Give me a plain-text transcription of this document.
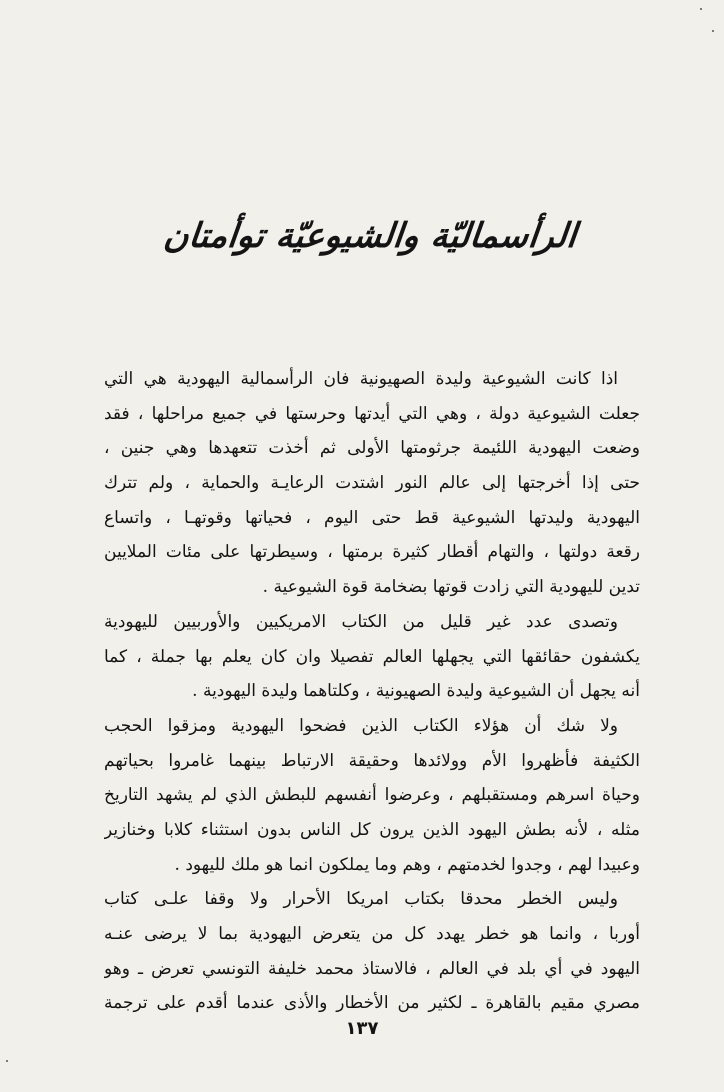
الرأسماليّة والشيوعيّة توأمتان
اذا كانت الشيوعية وليدة الصهيونية فان الرأسمالية اليهودية هي التي
جعلت الشيوعية دولة ، وهي التي أيدتها وحرستها في جميع مراحلها ، فقد
وضعت اليهودية اللئيمة جرثومتها الأولى ثم أخذت تتعهدها وهي جنين ،
حتى إذا أخرجتها إلى عالم النور اشتدت الرعايـة والحماية ، ولم تترك
اليهودية وليدتها الشيوعية قط حتى اليوم ، فحياتها وقوتهـا ، واتساع
رقعة دولتها ، والتهام أقطار كثيرة برمتها ، وسيطرتها على مئات الملايين
تدين لليهودية التي زادت قوتها بضخامة قوة الشيوعية .
وتصدى عدد غير قليل من الكتاب الامريكيين والأوربيين لليهودية
يكشفون حقائقها التي يجهلها العالم تفصيلا وان كان يعلم بها جملة ، كما
أنه يجهل أن الشيوعية وليدة الصهيونية ، وكلتاهما وليدة اليهودية .
ولا شك أن هؤلاء الكتاب الذين فضحوا اليهودية ومزقوا الحجب
الكثيفة فأظهروا الأم وولائدها وحقيقة الارتباط بينهما غامروا بحياتهم
وحياة اسرهم ومستقبلهم ، وعرضوا أنفسهم للبطش الذي لم يشهد التاريخ
مثله ، لأنه بطش اليهود الذين يرون كل الناس بدون استثناء كلابا وخنازير
وعبيدا لهم ، وجدوا لخدمتهم ، وهم وما يملكون انما هو ملك لليهود .
وليس الخطر محدقا بكتاب امريكا الأحرار ولا وقفا علـى كتاب
أوربا ، وانما هو خطر يهدد كل من يتعرض اليهودية بما لا يرضى عنـه
اليهود في أي بلد في العالم ، فالاستاذ محمد خليفة التونسي تعرض ـ وهو
مصري مقيم بالقاهرة ـ لكثير من الأخطار والأذى عندما أقدم على ترجمة
١٣٧
